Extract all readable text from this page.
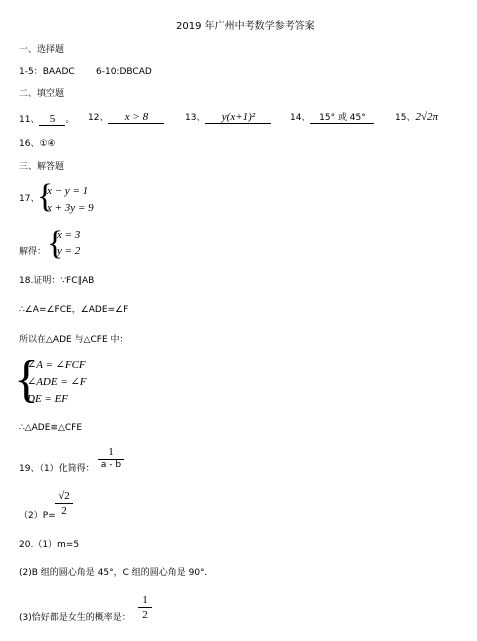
2019 年广州中考数学参考答案
一、选择题
1-5：BAADC 6-10:DBCAD
二、填空题
11、 5 。 12、 x > 8	13、 y(x+1)²	14、 15° 或 45°	15、2√2π
16、①④
三、解答题
17、
{
x − y = 1
x + 3y = 9
解得： {
x = 3
y = 2
18.证明：∵FC∥AB
∴∠A=∠FCE，∠ADE=∠F
所以在△ADE 与△CFE 中：
{
∠A = ∠FCF
∠ADE = ∠F
DE = EF
∴△ADE≌△CFE
19、（1）化简得：
1
a - b
（2）P=
√2
2
20.（1）m=5
(2)B 组的圆心角是 45°，C 组的圆心角是 90°．
(3)恰好都是女生的概率是：
1
2
